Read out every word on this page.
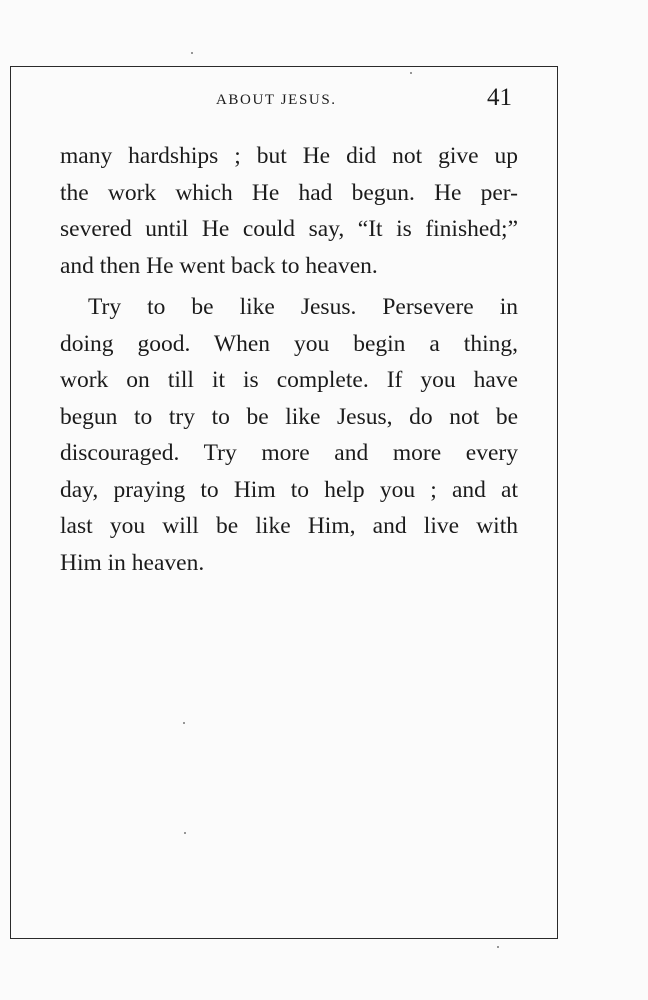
ABOUT JESUS.	41
many hardships ; but He did not give up
the work which He had begun. He per-
severed until He could say, “It is finished;”
and then He went back to heaven.
Try to be like Jesus. Persevere in
doing good. When you begin a thing,
work on till it is complete. If you have
begun to try to be like Jesus, do not be
discouraged. Try more and more every
day, praying to Him to help you ; and at
last you will be like Him, and live with
Him in heaven.
